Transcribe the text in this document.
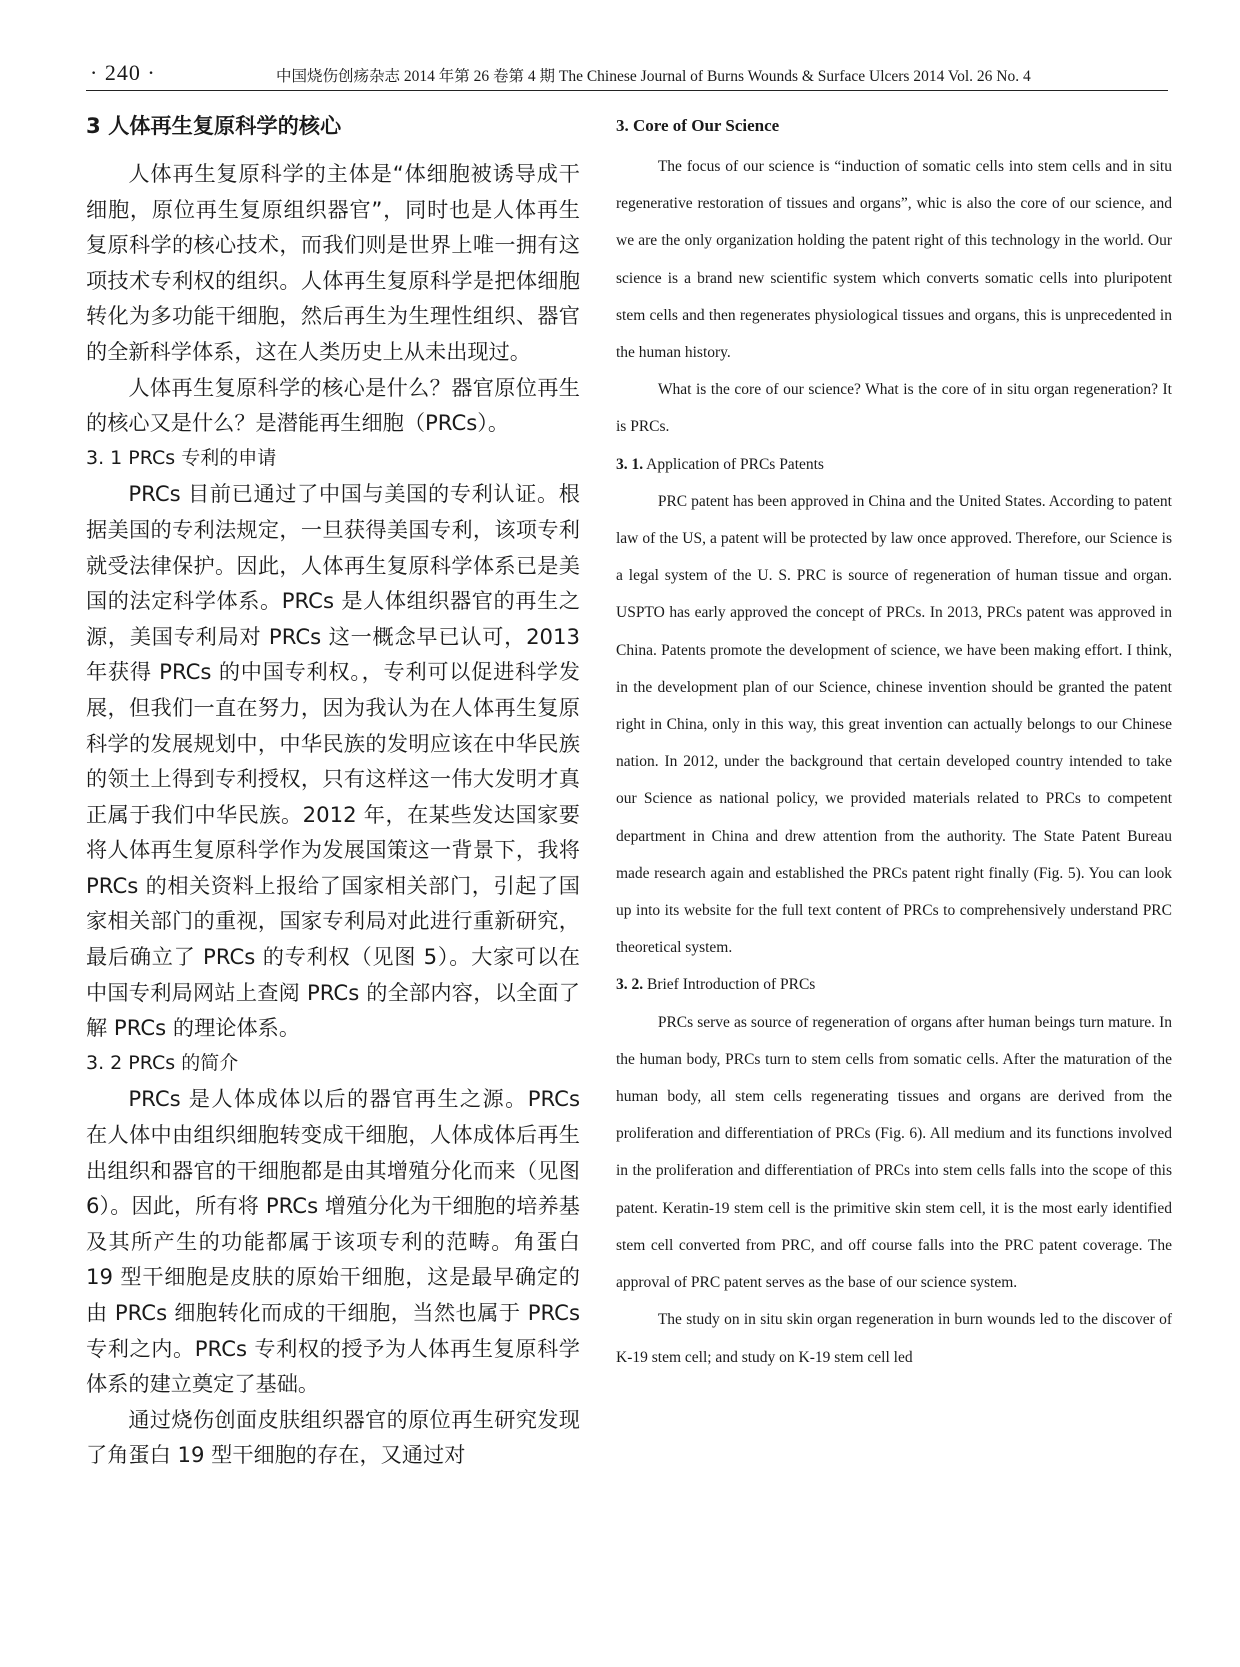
· 240 ·	中国烧伤创疡杂志 2014 年第 26 卷第 4 期 The Chinese Journal of Burns Wounds & Surface Ulcers 2014 Vol. 26 No. 4
3 人体再生复原科学的核心

人体再生复原科学的主体是“体细胞被诱导成干细胞，原位再生复原组织器官”，同时也是人体再生复原科学的核心技术，而我们则是世界上唯一拥有这项技术专利权的组织。人体再生复原科学是把体细胞转化为多功能干细胞，然后再生为生理性组织、器官的全新科学体系，这在人类历史上从未出现过。

人体再生复原科学的核心是什么？器官原位再生的核心又是什么？是潜能再生细胞（PRCs）。

3. 1 PRCs 专利的申请

PRCs 目前已通过了中国与美国的专利认证。根据美国的专利法规定，一旦获得美国专利，该项专利就受法律保护。因此，人体再生复原科学体系已是美国的法定科学体系。PRCs 是人体组织器官的再生之源，美国专利局对 PRCs 这一概念早已认可，2013 年获得 PRCs 的中国专利权。，专利可以促进科学发展，但我们一直在努力，因为我认为在人体再生复原科学的发展规划中，中华民族的发明应该在中华民族的领土上得到专利授权，只有这样这一伟大发明才真正属于我们中华民族。2012 年，在某些发达国家要将人体再生复原科学作为发展国策这一背景下，我将 PRCs 的相关资料上报给了国家相关部门，引起了国家相关部门的重视，国家专利局对此进行重新研究，最后确立了 PRCs 的专利权（见图 5）。大家可以在中国专利局网站上查阅 PRCs 的全部内容，以全面了解 PRCs 的理论体系。

3. 2 PRCs 的简介

PRCs 是人体成体以后的器官再生之源。PRCs 在人体中由组织细胞转变成干细胞，人体成体后再生出组织和器官的干细胞都是由其增殖分化而来（见图 6）。因此，所有将 PRCs 增殖分化为干细胞的培养基及其所产生的功能都属于该项专利的范畴。角蛋白 19 型干细胞是皮肤的原始干细胞，这是最早确定的由 PRCs 细胞转化而成的干细胞，当然也属于 PRCs 专利之内。PRCs 专利权的授予为人体再生复原科学体系的建立奠定了基础。

通过烧伤创面皮肤组织器官的原位再生研究发现了角蛋白 19 型干细胞的存在，又通过对

3. Core of Our Science

The focus of our science is “induction of somatic cells into stem cells and in situ regenerative restoration of tissues and organs”, whic is also the core of our science, and we are the only organization holding the patent right of this technology in the world. Our science is a brand new scientific system which converts somatic cells into pluripotent stem cells and then regenerates physiological tissues and organs, this is unprecedented in the human history.

What is the core of our science? What is the core of in situ organ regeneration? It is PRCs.

3. 1. Application of PRCs Patents

PRC patent has been approved in China and the United States. According to patent law of the US, a patent will be protected by law once approved. Therefore, our Science is a legal system of the U. S. PRC is source of regeneration of human tissue and organ. USPTO has early approved the concept of PRCs. In 2013, PRCs patent was approved in China. Patents promote the development of science, we have been making effort. I think, in the development plan of our Science, chinese invention should be granted the patent right in China, only in this way, this great invention can actually belongs to our Chinese nation. In 2012, under the background that certain developed country intended to take our Science as national policy, we provided materials related to PRCs to competent department in China and drew attention from the authority. The State Patent Bureau made research again and established the PRCs patent right finally (Fig. 5). You can look up into its website for the full text content of PRCs to comprehensively understand PRC theoretical system.

3. 2. Brief Introduction of PRCs

PRCs serve as source of regeneration of organs after human beings turn mature. In the human body, PRCs turn to stem cells from somatic cells. After the maturation of the human body, all stem cells regenerating tissues and organs are derived from the proliferation and differentiation of PRCs (Fig. 6). All medium and its functions involved in the proliferation and differentiation of PRCs into stem cells falls into the scope of this patent. Keratin-19 stem cell is the primitive skin stem cell, it is the most early identified stem cell converted from PRC, and off course falls into the PRC patent coverage. The approval of PRC patent serves as the base of our science system.

The study on in situ skin organ regeneration in burn wounds led to the discover of K-19 stem cell; and study on K-19 stem cell led
